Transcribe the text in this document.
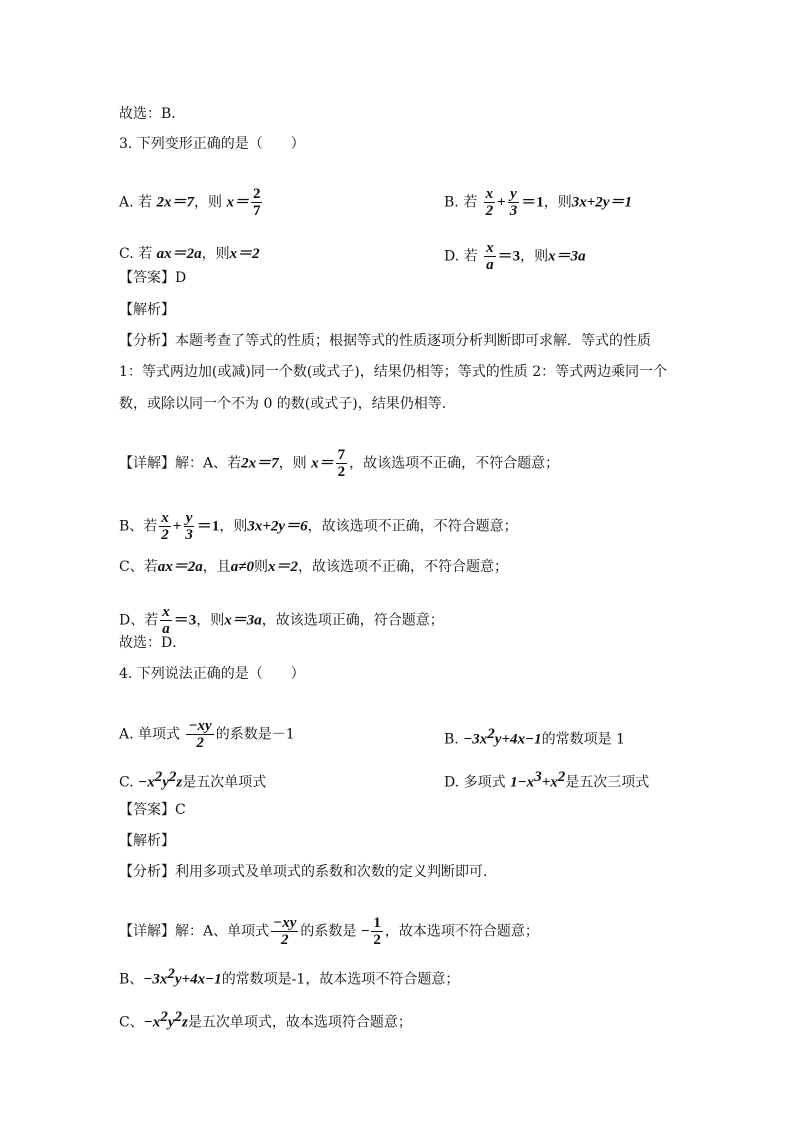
故选：B．
3. 下列变形正确的是（　　）
A. 若 2x＝7，则 $x= \frac{2}{7}$	B. 若 $\frac{x}{2} + \frac{y}{3} =1$，则3x+2y＝1
C. 若 ax＝2a，则x＝2	D. 若 $\frac{x}{a} =3$，则x＝3a
【答案】D
【解析】
【分析】本题考查了等式的性质；根据等式的性质逐项分析判断即可求解．等式的性质
1：等式两边加(或减)同一个数(或式子)，结果仍相等；等式的性质 2：等式两边乘同一个
数，或除以同一个不为 0 的数(或式子)，结果仍相等．
【详解】解：A、若2x＝7，则 $x= \frac{7}{2}$ ，故该选项不正确，不符合题意；
B、若 $\frac{x}{2} + \frac{y}{3} =1$，则3x+2y＝6，故该选项不正确，不符合题意；
C、若ax＝2a，且a≠0则x＝2，故该选项不正确，不符合题意；
D、若 $\frac{x}{a} =3$，则x＝3a，故该选项正确，符合题意；
故选：D．
4. 下列说法正确的是（　　）
A. 单项式 $\frac{-xy}{2}$ 的系数是－1	B. $-3x^2y+4x-1$的常数项是 1
C. $-x^2y^2z$是五次单项式	D. 多项式 $1-x^3+x^2$是五次三项式
【答案】C
【解析】
【分析】利用多项式及单项式的系数和次数的定义判断即可．
【详解】解：A、单项式 $\frac{-xy}{2}$ 的系数是 − $\frac{1}{2}$ ，故本选项不符合题意；
B、$-3x^2y+4x-1$的常数项是-1，故本选项不符合题意；
C、$-x^2y^2z$是五次单项式，故本选项符合题意；
